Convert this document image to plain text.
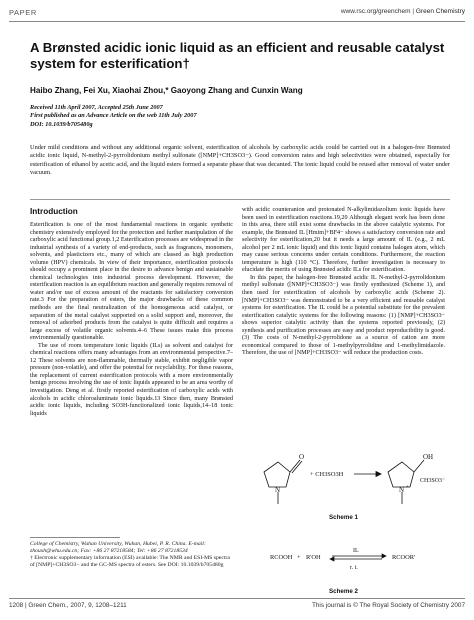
PAPER	www.rsc.org/greenchem | Green Chemistry
A Brønsted acidic ionic liquid as an efficient and reusable catalyst system for esterification†
Haibo Zhang, Fei Xu, Xiaohai Zhou,* Gaoyong Zhang and Cunxin Wang
Received 11th April 2007, Accepted 25th June 2007
First published as an Advance Article on the web 11th July 2007
DOI: 10.1039/b705480g
Under mild conditions and without any additional organic solvent, esterification of alcohols by carboxylic acids could be carried out in a halogen-free Brønsted acidic ionic liquid, N-methyl-2-pyrrolidonium methyl sulfonate ([NMP]+CH3SO3−). Good conversion rates and high selectivities were obtained, especially for esterification of ethanol by acetic acid, and the liquid esters formed a separate phase that was decanted. The ionic liquid could be reused after removal of water under vacuum.
Introduction

Esterification is one of the most fundamental reactions in organic synthetic chemistry extensively employed for the protection and further manipulation of the carboxylic acid functional group.1,2 Esterification processes are widespread in the industrial synthesis of a variety of end-products, such as fragrances, monomers, solvents, and plasticizers etc., many of which are classed as high production volume (HPV) chemicals. In view of their importance, esterification protocols should occupy a prominent place in the desire to advance benign and sustainable chemical technologies into industrial process development. However, the esterification reaction is an equilibrium reaction and generally requires removal of water and/or use of excess amount of the reactants for satisfactory conversion rate.3 For the preparation of esters, the major drawbacks of these common methods are the final neutralization of the homogeneous acid catalyst, or separation of the metal catalyst supported on a solid support and, moreover, the removal of adsorbed products from the catalyst is quite difficult and requires a large excess of volatile organic solvents.4–6 These issues make this process environmentally questionable.

The use of room temperature ionic liquids (ILs) as solvent and catalyst for chemical reactions offers many advantages from an environmental perspective.7–12 These solvents are non-flammable, thermally stable, exhibit negligible vapor pressure (non-volatile), and offer the potential for recyclability. For these reasons, the replacement of current esterification protocols with a more environmentally benign process involving the use of ionic liquids appeared to be an area worthy of investigation. Deng et al. firstly reported esterification of carboxylic acids with alcohols in acidic chloroaluminate ionic liquids.13 Since then, many Brønsted acidic ionic liquids, including SO3H-functionalized ionic liquids,14–18 ionic liquids

College of Chemistry, Wuhan University, Wuhan, Hubei, P. R. China. E-mail: zhouxh@whu.edu.cn; Fax: +86 27 87218584; Tel: +86 27 87218534
† Electronic supplementary information (ESI) available: The NMR and ESI-MS spectra of [NMP]+CH3SO3− and the GC-MS spectra of esters. See DOI: 10.1039/b705480g

with acidic counteranion and protonated N-alkylimidazolium ionic liquids have been used in esterification reactions.19,20 Although elegant work has been done in this area, there still exist some drawbacks in the above catalytic systems. For example, the Brønsted IL [Hmim]+BF4− shows a satisfactory conversion rate and selectivity for esterification,20 but it needs a large amount of IL (e.g., 2 mL alcohol per 2 mL ionic liquid) and this ionic liquid contains halogen atom, which may cause serious concerns under certain conditions. Furthermore, the reaction temperature is high (110 °C). Therefore, further investigation is necessary to elucidate the merits of using Brønsted acidic ILs for esterification.

In this paper, the halogen-free Brønsted acidic IL N-methyl-2-pyrrolidonium methyl sulfonate ([NMP]+CH3SO3−) was firstly synthesized (Scheme 1), and then used for esterification of alcohols by carboxylic acids (Scheme 2). [NMP]+CH3SO3− was demonstrated to be a very efficient and reusable catalyst systems for esterification. The IL could be a potential substitute for the prevalent esterification catalytic systems for the following reasons: (1) [NMP]+CH3SO3− shows superior catalytic activity than the systems reported previously, (2) synthesis and purification processes are easy and product reproducibility is good. (3) The costs of N-methyl-2-pyrrolidone as a source of cation are more economical compared to those of 1-methylpyrrolidine and 1-methylimidazole. Therefore, the use of [NMP]+CH3SO3− will reduce the production costs.

O
N
+ CH3SO3H
OH
N +
CH3SO3⁻
Scheme 1
RCOOH + R'OH
IL
r. t.
RCOOR'
Scheme 2
1208 | Green Chem., 2007, 9, 1208–1211	This journal is © The Royal Society of Chemistry 2007
